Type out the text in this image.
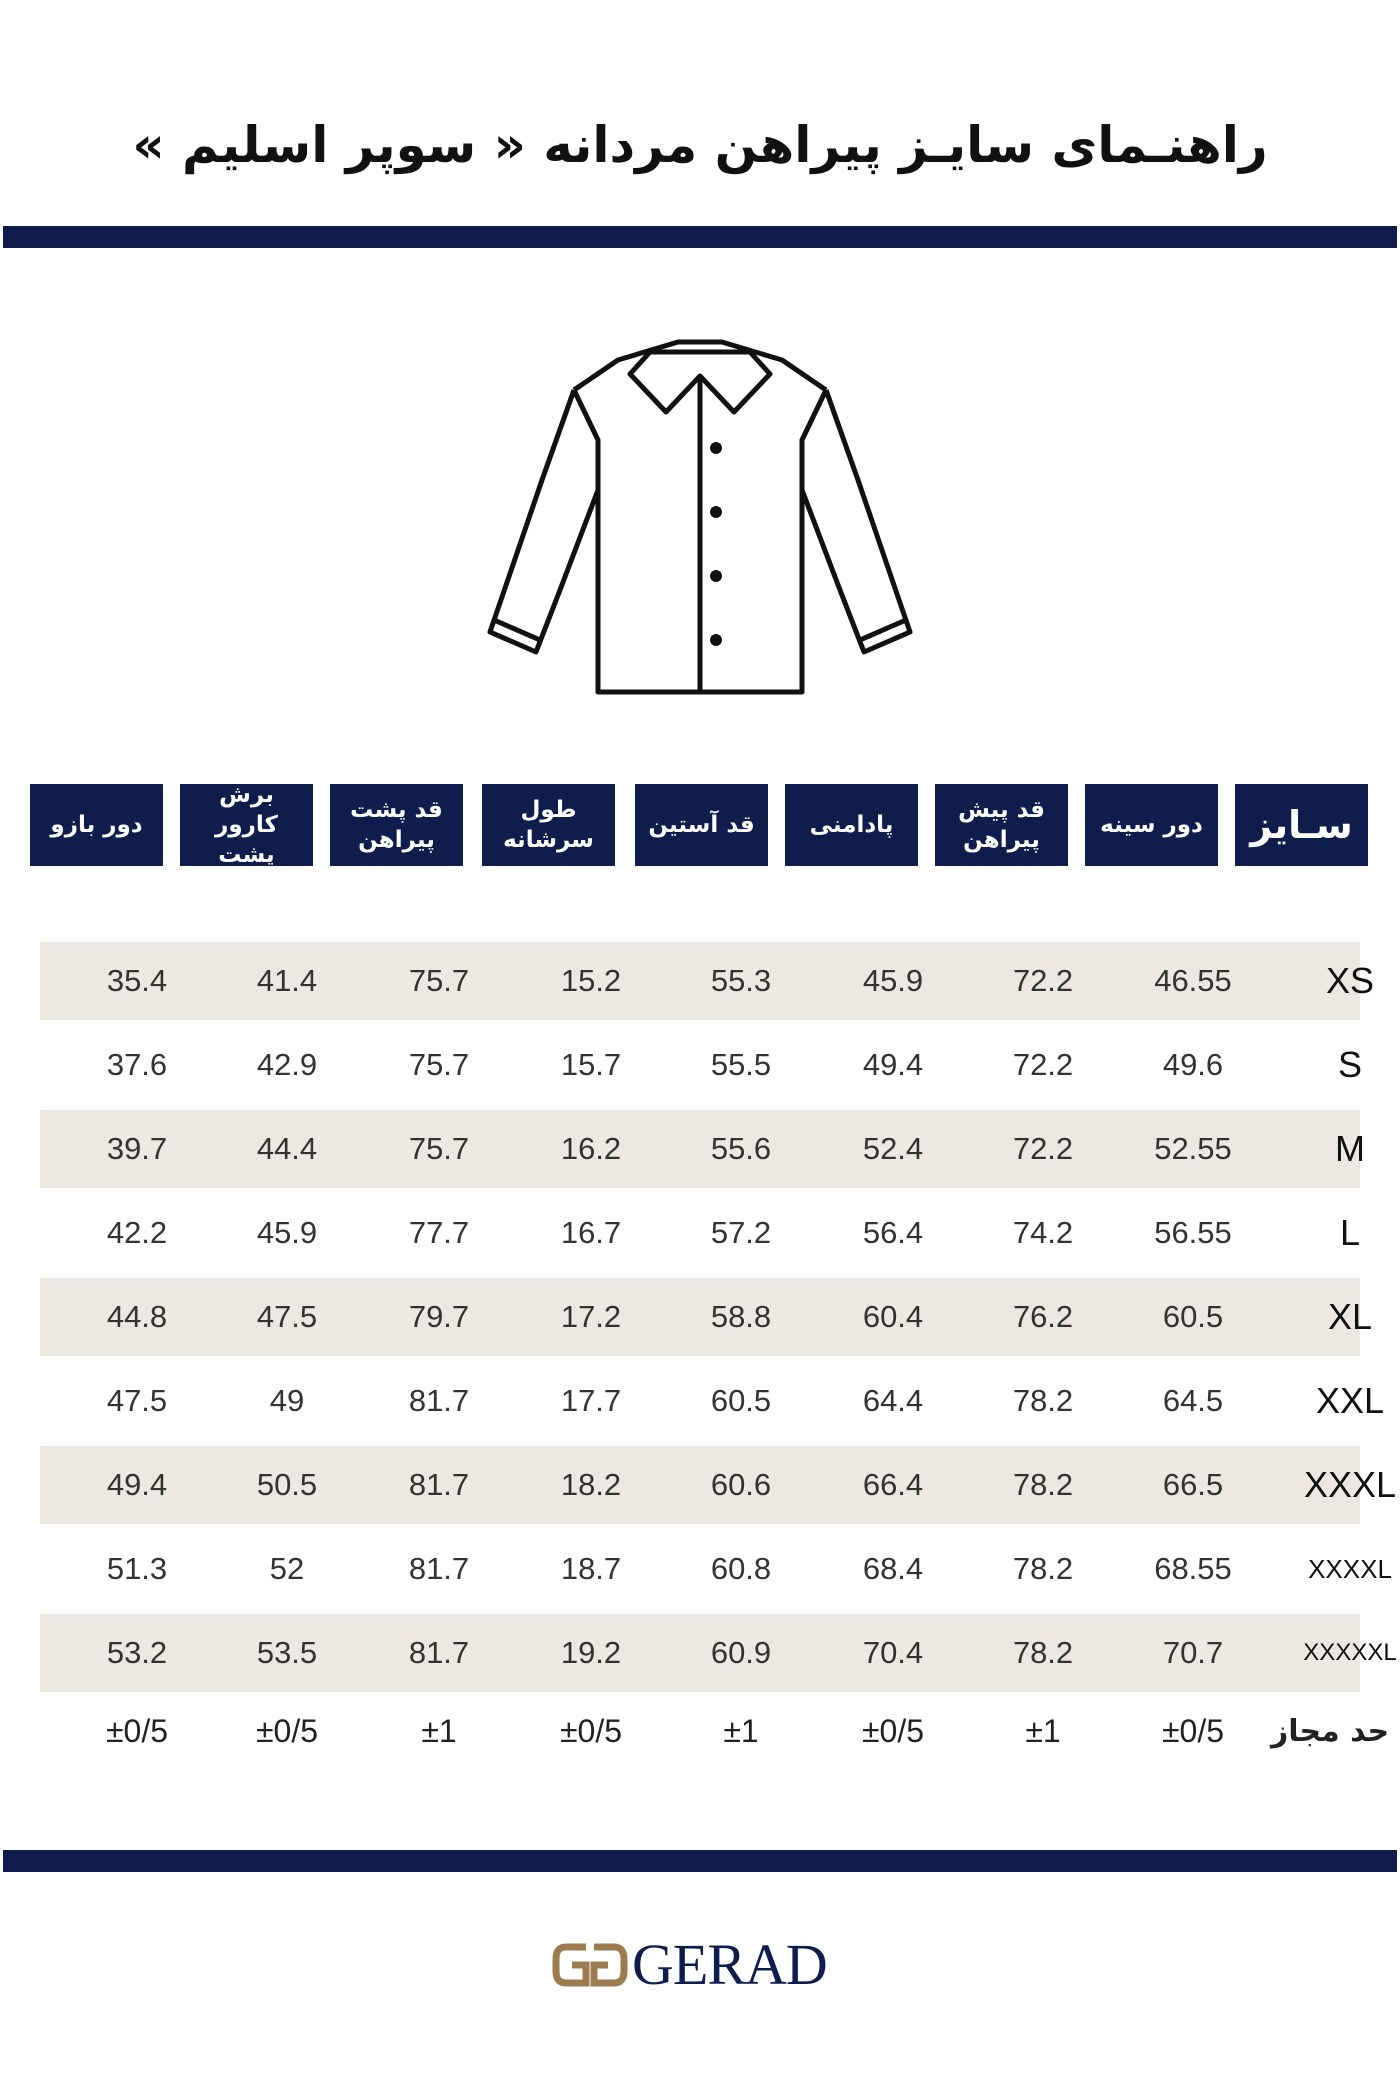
راهنـمای سایـز پیراهن مردانه « سوپر اسلیم »
سـایز
دور سینه
قد پیش
پیراهن
پادامنی
قد آستین
طول سرشانه
قد پشت
پیراهن
برش
کارور پشت
دور بازو
XS
46.55
72.2
45.9
55.3
15.2
75.7
41.4
35.4
S
49.6
72.2
49.4
55.5
15.7
75.7
42.9
37.6
M
52.55
72.2
52.4
55.6
16.2
75.7
44.4
39.7
L
56.55
74.2
56.4
57.2
16.7
77.7
45.9
42.2
XL
60.5
76.2
60.4
58.8
17.2
79.7
47.5
44.8
XXL
64.5
78.2
64.4
60.5
17.7
81.7
49
47.5
XXXL
66.5
78.2
66.4
60.6
18.2
81.7
50.5
49.4
XXXXL
68.55
78.2
68.4
60.8
18.7
81.7
52
51.3
XXXXXL
70.7
78.2
70.4
60.9
19.2
81.7
53.5
53.2
حد مجاز
±0/5
±1
±0/5
±1
±0/5
±1
±0/5
±0/5
GERAD
